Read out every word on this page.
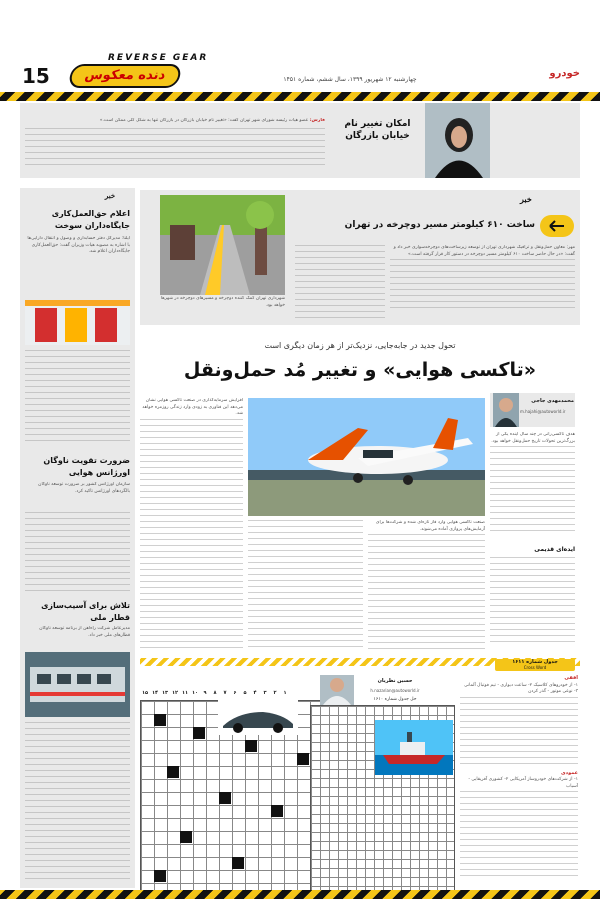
15
REVERSE GEAR
دنده معکوس	چهارشنبه ۱۲ شهریور ۱۳۹۹، سال ششم، شماره ۱۴۵۱
خودرو
امکان تغییر نام خیابان بازرگان

فارس: عضو هیات رئیسه شورای شهر تهران گفت: «تغییر نام خیابان بازرگان در بازرگان تنها به شکل کلی ممکن است.»

خبر
ساخت ۶۱۰ کیلومتر مسیر دوچرخه در تهران

مهر: معاون حمل‌ونقل و ترافیک شهرداری تهران از توسعه زیرساخت‌های دوچرخه‌سواری خبر داد و گفت: «در حال حاضر ساخت ۶۱۰ کیلومتر مسیر دوچرخه در دستور کار قرار گرفته است.»

شهرداری تهران کمک کننده دوچرخه و مسیرهای دوچرخه در شهرها خواهد بود.
خبر
اعلام حق‌العمل‌کاری جایگاه‌داران سوخت
ایلنا: مدیرکل دفتر حسابداری و وصول و انتقال دارایی‌ها با اشاره به مصوبه هیات وزیران گفت: حق‌العمل‌کاری جایگاه‌داران اعلام شد.
ضرورت تقویت ناوگان اورژانس هوایی
سازمان اورژانس کشور بر ضرورت توسعه ناوگان بالگردهای اورژانس تاکید کرد.
تلاش برای آسیب‌سازی قطار ملی
مدیرعامل شرکت راه‌آهن از برنامه توسعه ناوگان قطارهای ملی خبر داد.
تحول جدید در جابه‌جایی، نزدیک‌تر از هر زمان دیگری است
«تاکسی هوایی» و تغییر مُد حمل‌ونقل
محمدمهدی جاجی
m.hajahi@autoworld.ir

هدف تاکسی‌رانی در چند سال آینده یکی از بزرگ‌ترین تحولات تاریخ حمل‌ونقل خواهد بود.

افزایش سرمایه‌گذاری در صنعت تاکسی هوایی نشان می‌دهد این فناوری به زودی وارد زندگی روزمره خواهد شد.

صنعت تاکسی هوایی وارد فاز تازه‌ای شده و شرکت‌ها برای آزمایش‌های پروازی آماده می‌شوند.

ایده‌ای قدیمی
جدول شماره ۱۶۱۱
Cross Word
۱۵ ۱۴ ۱۳ ۱۲ ۱۱ ۱۰	۹	۸	۷	۶	۵	۴	۳	۲	۱
حسین نظریان
h.nazarian@autoworld.ir
حل جدول شماره ۱۶۱۰

افقی

۱- از خودروهای کلاسیک ۲- ساعت دیواری - تیم فوتبال آلمانی ۳- نوعی موتور - گذر کردن

عمودی

۱- از شرکت‌های خودروساز آمریکایی ۲- کشوری آفریقایی - آسیاب
